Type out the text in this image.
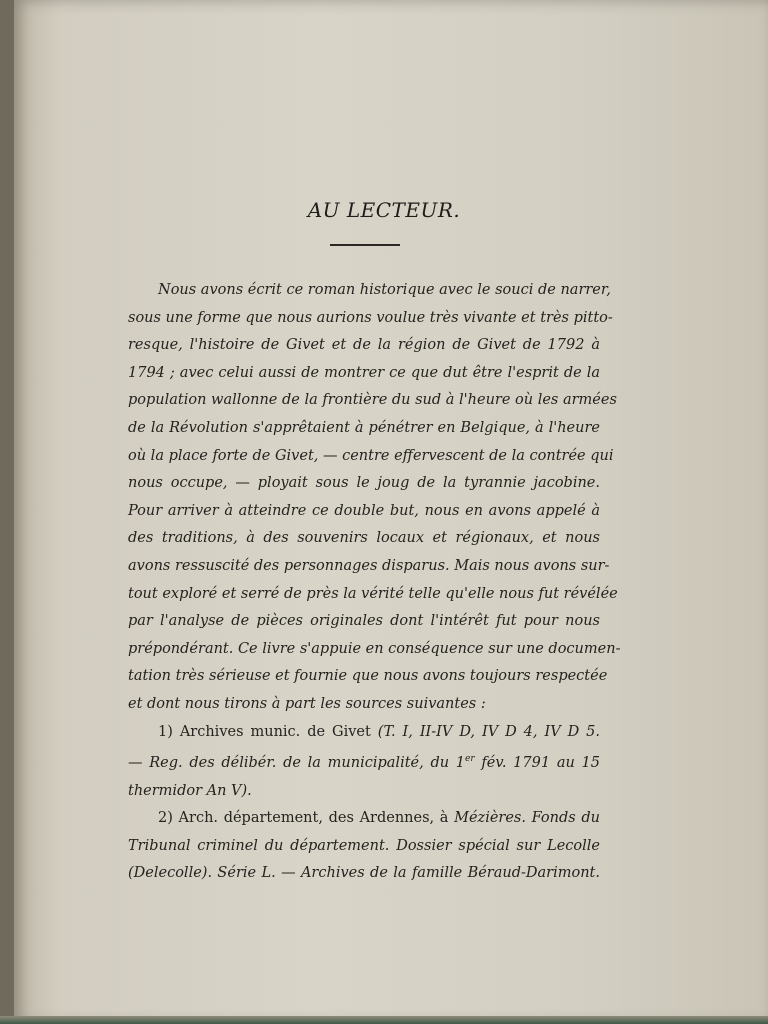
AU LECTEUR.
Nous avons écrit ce roman historique avec le souci de narrer,
sous une forme que nous aurions voulue très vivante et très pitto-
resque, l'histoire de Givet et de la région de Givet de 1792 à
1794 ; avec celui aussi de montrer ce que dut être l'esprit de la
population wallonne de la frontière du sud à l'heure où les armées
de la Révolution s'apprêtaient à pénétrer en Belgique, à l'heure
où la place forte de Givet, — centre effervescent de la contrée qui
nous occupe, — ployait sous le joug de la tyrannie jacobine.
Pour arriver à atteindre ce double but, nous en avons appelé à
des traditions, à des souvenirs locaux et régionaux, et nous
avons ressuscité des personnages disparus. Mais nous avons sur-
tout exploré et serré de près la vérité telle qu'elle nous fut révélée
par l'analyse de pièces originales dont l'intérêt fut pour nous
prépondérant. Ce livre s'appuie en conséquence sur une documen-
tation très sérieuse et fournie que nous avons toujours respectée
et dont nous tirons à part les sources suivantes :
1) Archives munic. de Givet (T. I, II-IV D, IV D 4, IV D 5.
— Reg. des délibér. de la municipalité, du 1er fév. 1791 au 15
thermidor An V).
2) Arch. département, des Ardennes, à Mézières. Fonds du
Tribunal criminel du département. Dossier spécial sur Lecolle
(Delecolle). Série L. — Archives de la famille Béraud-Darimont.
